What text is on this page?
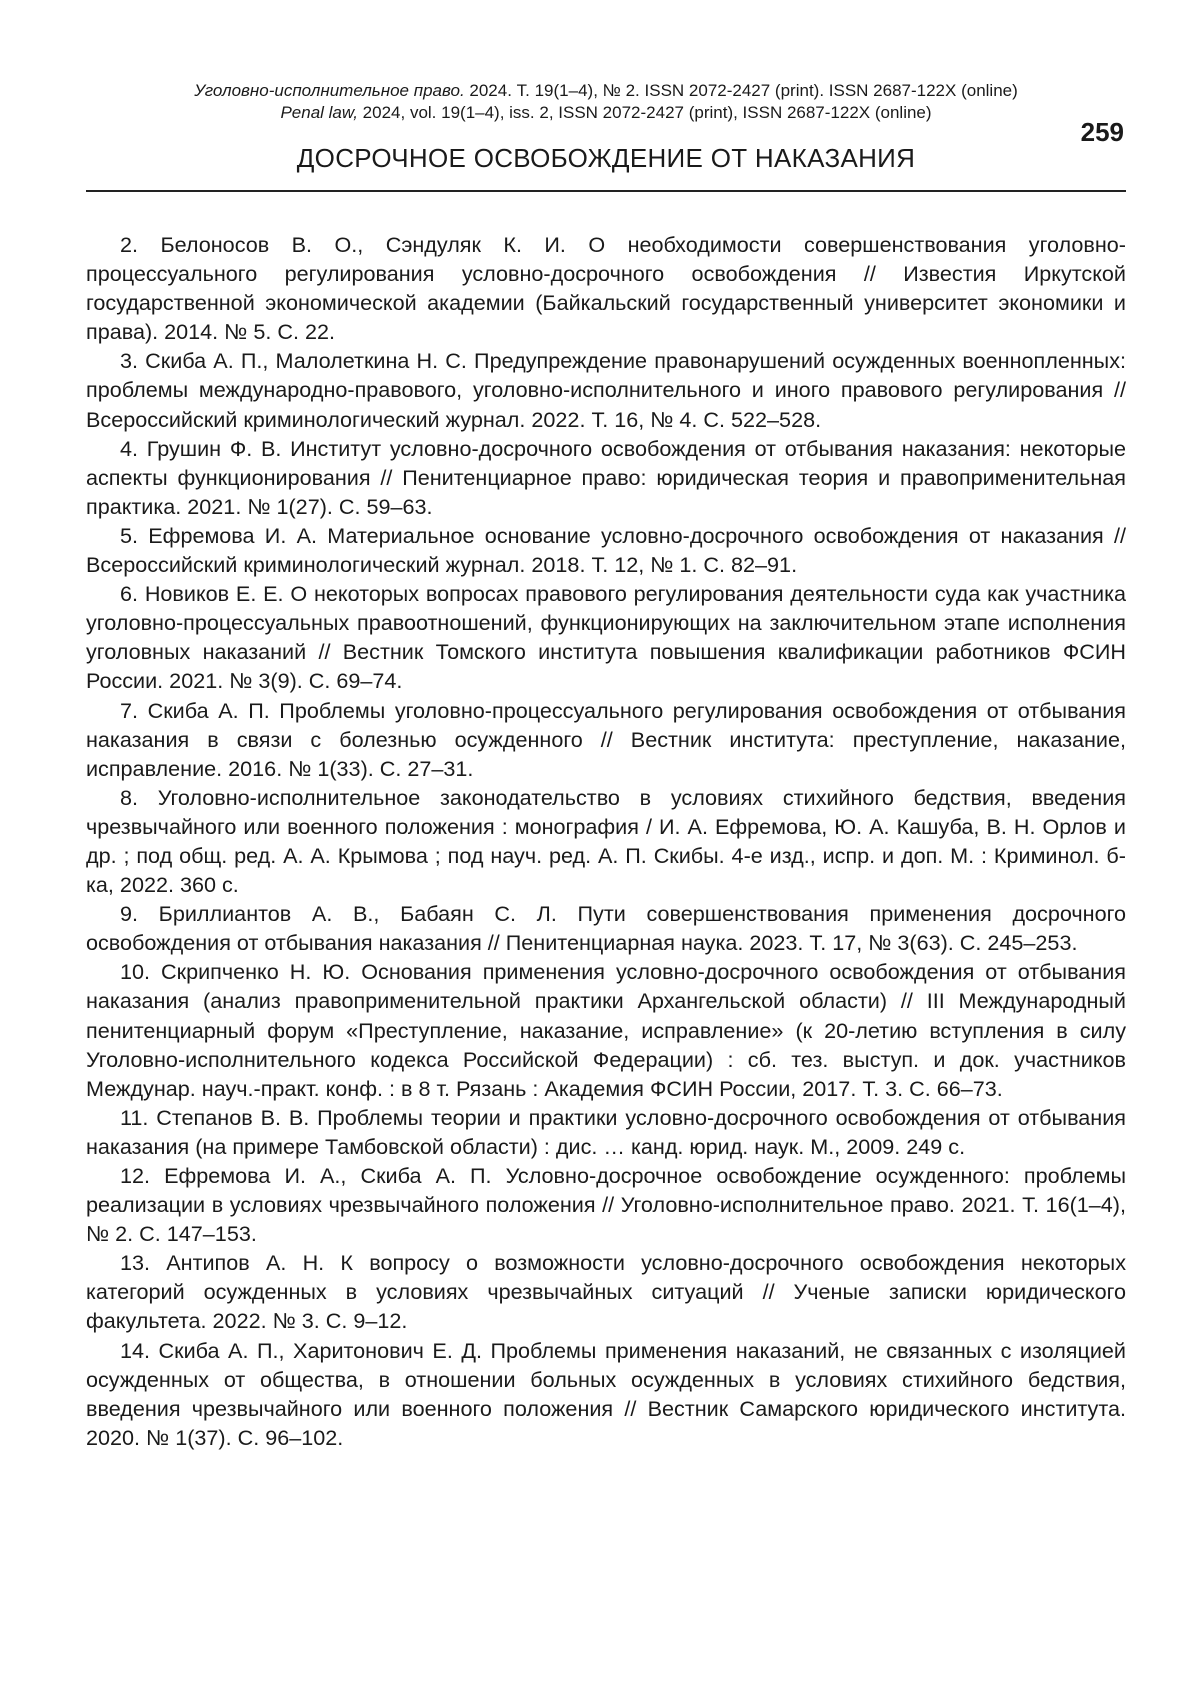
Уголовно-исполнительное право. 2024. Т. 19(1–4), № 2. ISSN 2072-2427 (print). ISSN 2687-122X (online)
Penal law, 2024, vol. 19(1–4), iss. 2, ISSN 2072-2427 (print), ISSN 2687-122X (online)
259
ДОСРОЧНОЕ ОСВОБОЖДЕНИЕ ОТ НАКАЗАНИЯ

2. Белоносов В. О., Сэндуляк К. И. О необходимости совершенствования уголовно-процессуального регулирования условно-досрочного освобождения // Известия Иркутской государственной экономической академии (Байкальский государственный университет экономики и права). 2014. № 5. С. 22.

3. Скиба А. П., Малолеткина Н. С. Предупреждение правонарушений осужденных военнопленных: проблемы международно-правового, уголовно-исполнительного и иного правового регулирования // Всероссийский криминологический журнал. 2022. Т. 16, № 4. С. 522–528.

4. Грушин Ф. В. Институт условно-досрочного освобождения от отбывания наказания: некоторые аспекты функционирования // Пенитенциарное право: юридическая теория и правоприменительная практика. 2021. № 1(27). С. 59–63.

5. Ефремова И. А. Материальное основание условно-досрочного освобождения от наказания // Всероссийский криминологический журнал. 2018. Т. 12, № 1. С. 82–91.

6. Новиков Е. Е. О некоторых вопросах правового регулирования деятельности суда как участника уголовно-процессуальных правоотношений, функционирующих на заключительном этапе исполнения уголовных наказаний // Вестник Томского института повышения квалификации работников ФСИН России. 2021. № 3(9). С. 69–74.

7. Скиба А. П. Проблемы уголовно-процессуального регулирования освобождения от отбывания наказания в связи с болезнью осужденного // Вестник института: преступление, наказание, исправление. 2016. № 1(33). С. 27–31.

8. Уголовно-исполнительное законодательство в условиях стихийного бедствия, введения чрезвычайного или военного положения : монография / И. А. Ефремова, Ю. А. Кашуба, В. Н. Орлов и др. ; под общ. ред. А. А. Крымова ; под науч. ред. А. П. Скибы. 4-е изд., испр. и доп. М. : Криминол. б-ка, 2022. 360 с.

9. Бриллиантов А. В., Бабаян С. Л. Пути совершенствования применения досрочного освобождения от отбывания наказания // Пенитенциарная наука. 2023. Т. 17, № 3(63). С. 245–253.

10. Скрипченко Н. Ю. Основания применения условно-досрочного освобождения от отбывания наказания (анализ правоприменительной практики Архангельской области) // III Международный пенитенциарный форум «Преступление, наказание, исправление» (к 20-летию вступления в силу Уголовно-исполнительного кодекса Российской Федерации) : сб. тез. выступ. и док. участников Междунар. науч.-практ. конф. : в 8 т. Рязань : Академия ФСИН России, 2017. Т. 3. С. 66–73.

11. Степанов В. В. Проблемы теории и практики условно-досрочного освобождения от отбывания наказания (на примере Тамбовской области) : дис. … канд. юрид. наук. М., 2009. 249 с.

12. Ефремова И. А., Скиба А. П. Условно-досрочное освобождение осужденного: проблемы реализации в условиях чрезвычайного положения // Уголовно-исполнительное право. 2021. Т. 16(1–4), № 2. С. 147–153.

13. Антипов А. Н. К вопросу о возможности условно-досрочного освобождения некоторых категорий осужденных в условиях чрезвычайных ситуаций // Ученые записки юридического факультета. 2022. № 3. С. 9–12.

14. Скиба А. П., Харитонович Е. Д. Проблемы применения наказаний, не связанных с изоляцией осужденных от общества, в отношении больных осужденных в условиях стихийного бедствия, введения чрезвычайного или военного положения // Вестник Самарского юридического института. 2020. № 1(37). С. 96–102.
